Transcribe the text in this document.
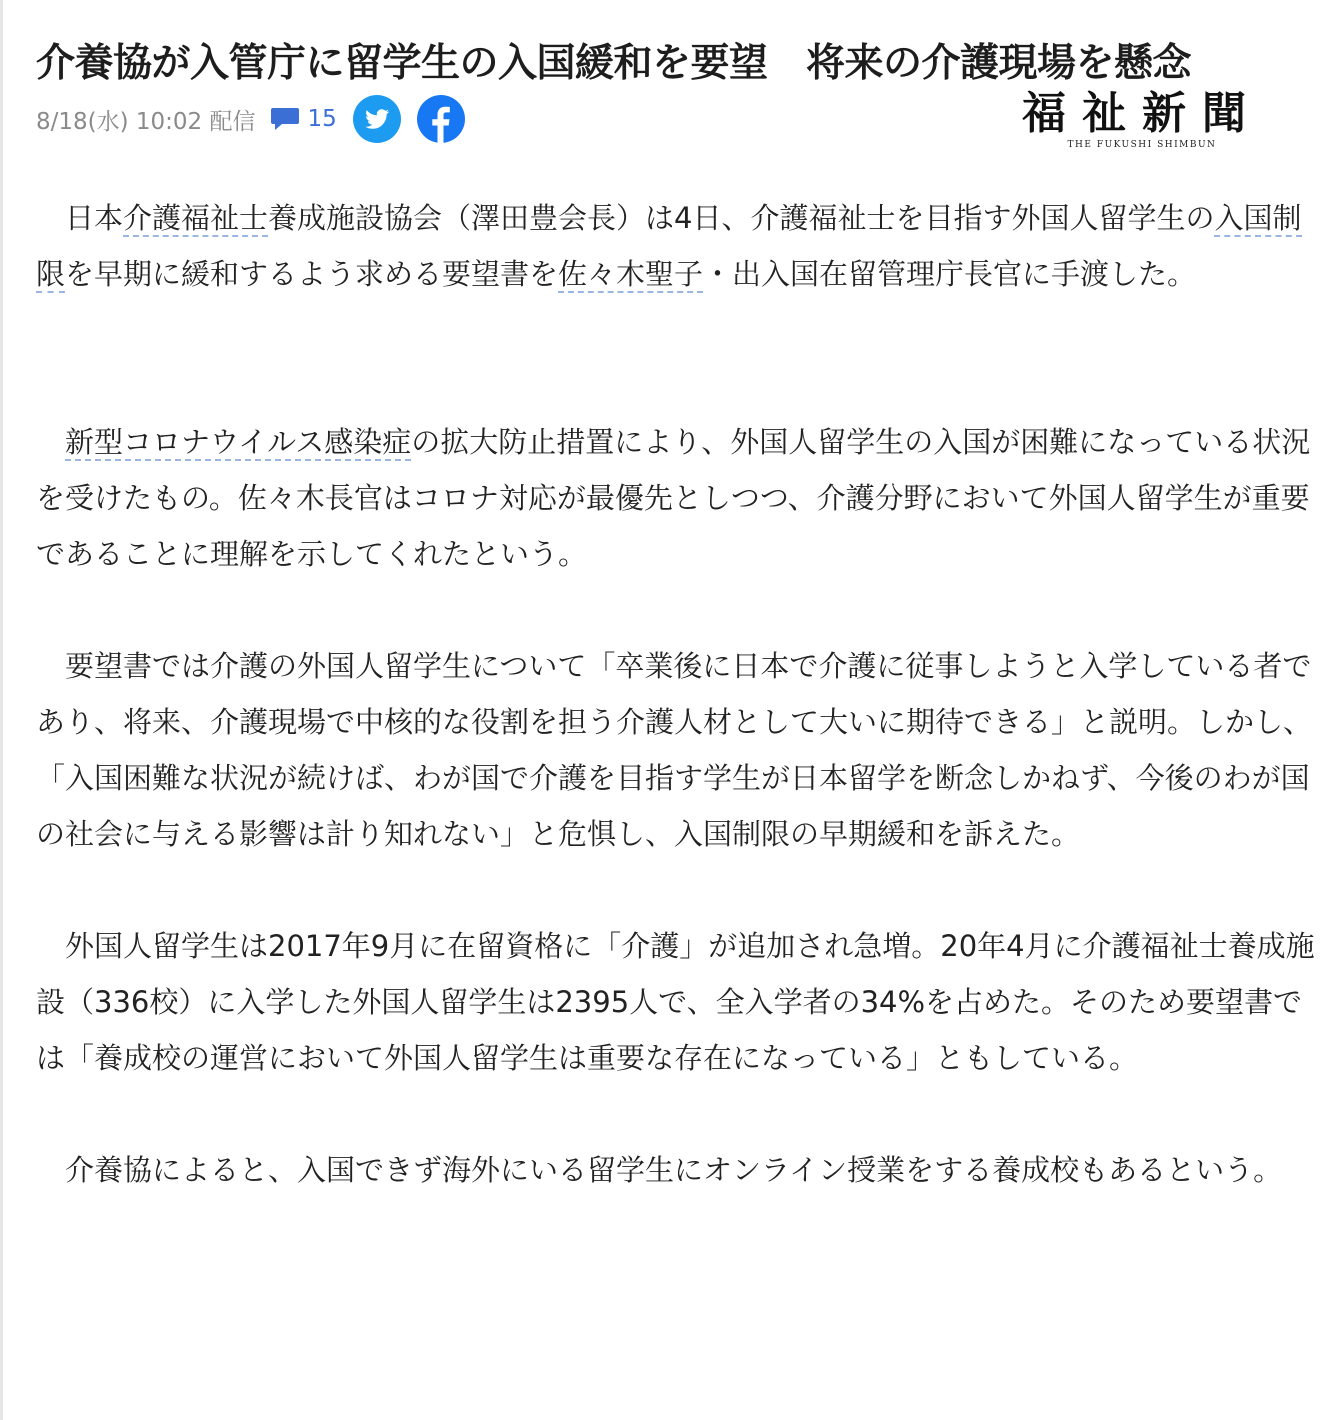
介養協が入管庁に留学生の入国緩和を要望　将来の介護現場を懸念
8/18(水) 10:02 配信 15	福祉新聞
THE FUKUSHI SHIMBUN

日本介護福祉士養成施設協会（澤田豊会長）は4日、介護福祉士を目指す外国人留学生の入国制限を早期に緩和するよう求める要望書を佐々木聖子・出入国在留管理庁長官に手渡した。

新型コロナウイルス感染症の拡大防止措置により、外国人留学生の入国が困難になっている状況を受けたもの。佐々木長官はコロナ対応が最優先としつつ、介護分野において外国人留学生が重要であることに理解を示してくれたという。

要望書では介護の外国人留学生について「卒業後に日本で介護に従事しようと入学している者であり、将来、介護現場で中核的な役割を担う介護人材として大いに期待できる」と説明。しかし、「入国困難な状況が続けば、わが国で介護を目指す学生が日本留学を断念しかねず、今後のわが国の社会に与える影響は計り知れない」と危惧し、入国制限の早期緩和を訴えた。

外国人留学生は2017年9月に在留資格に「介護」が追加され急増。20年4月に介護福祉士養成施設（336校）に入学した外国人留学生は2395人で、全入学者の34%を占めた。そのため要望書では「養成校の運営において外国人留学生は重要な存在になっている」ともしている。

介養協によると、入国できず海外にいる留学生にオンライン授業をする養成校もあるという。
